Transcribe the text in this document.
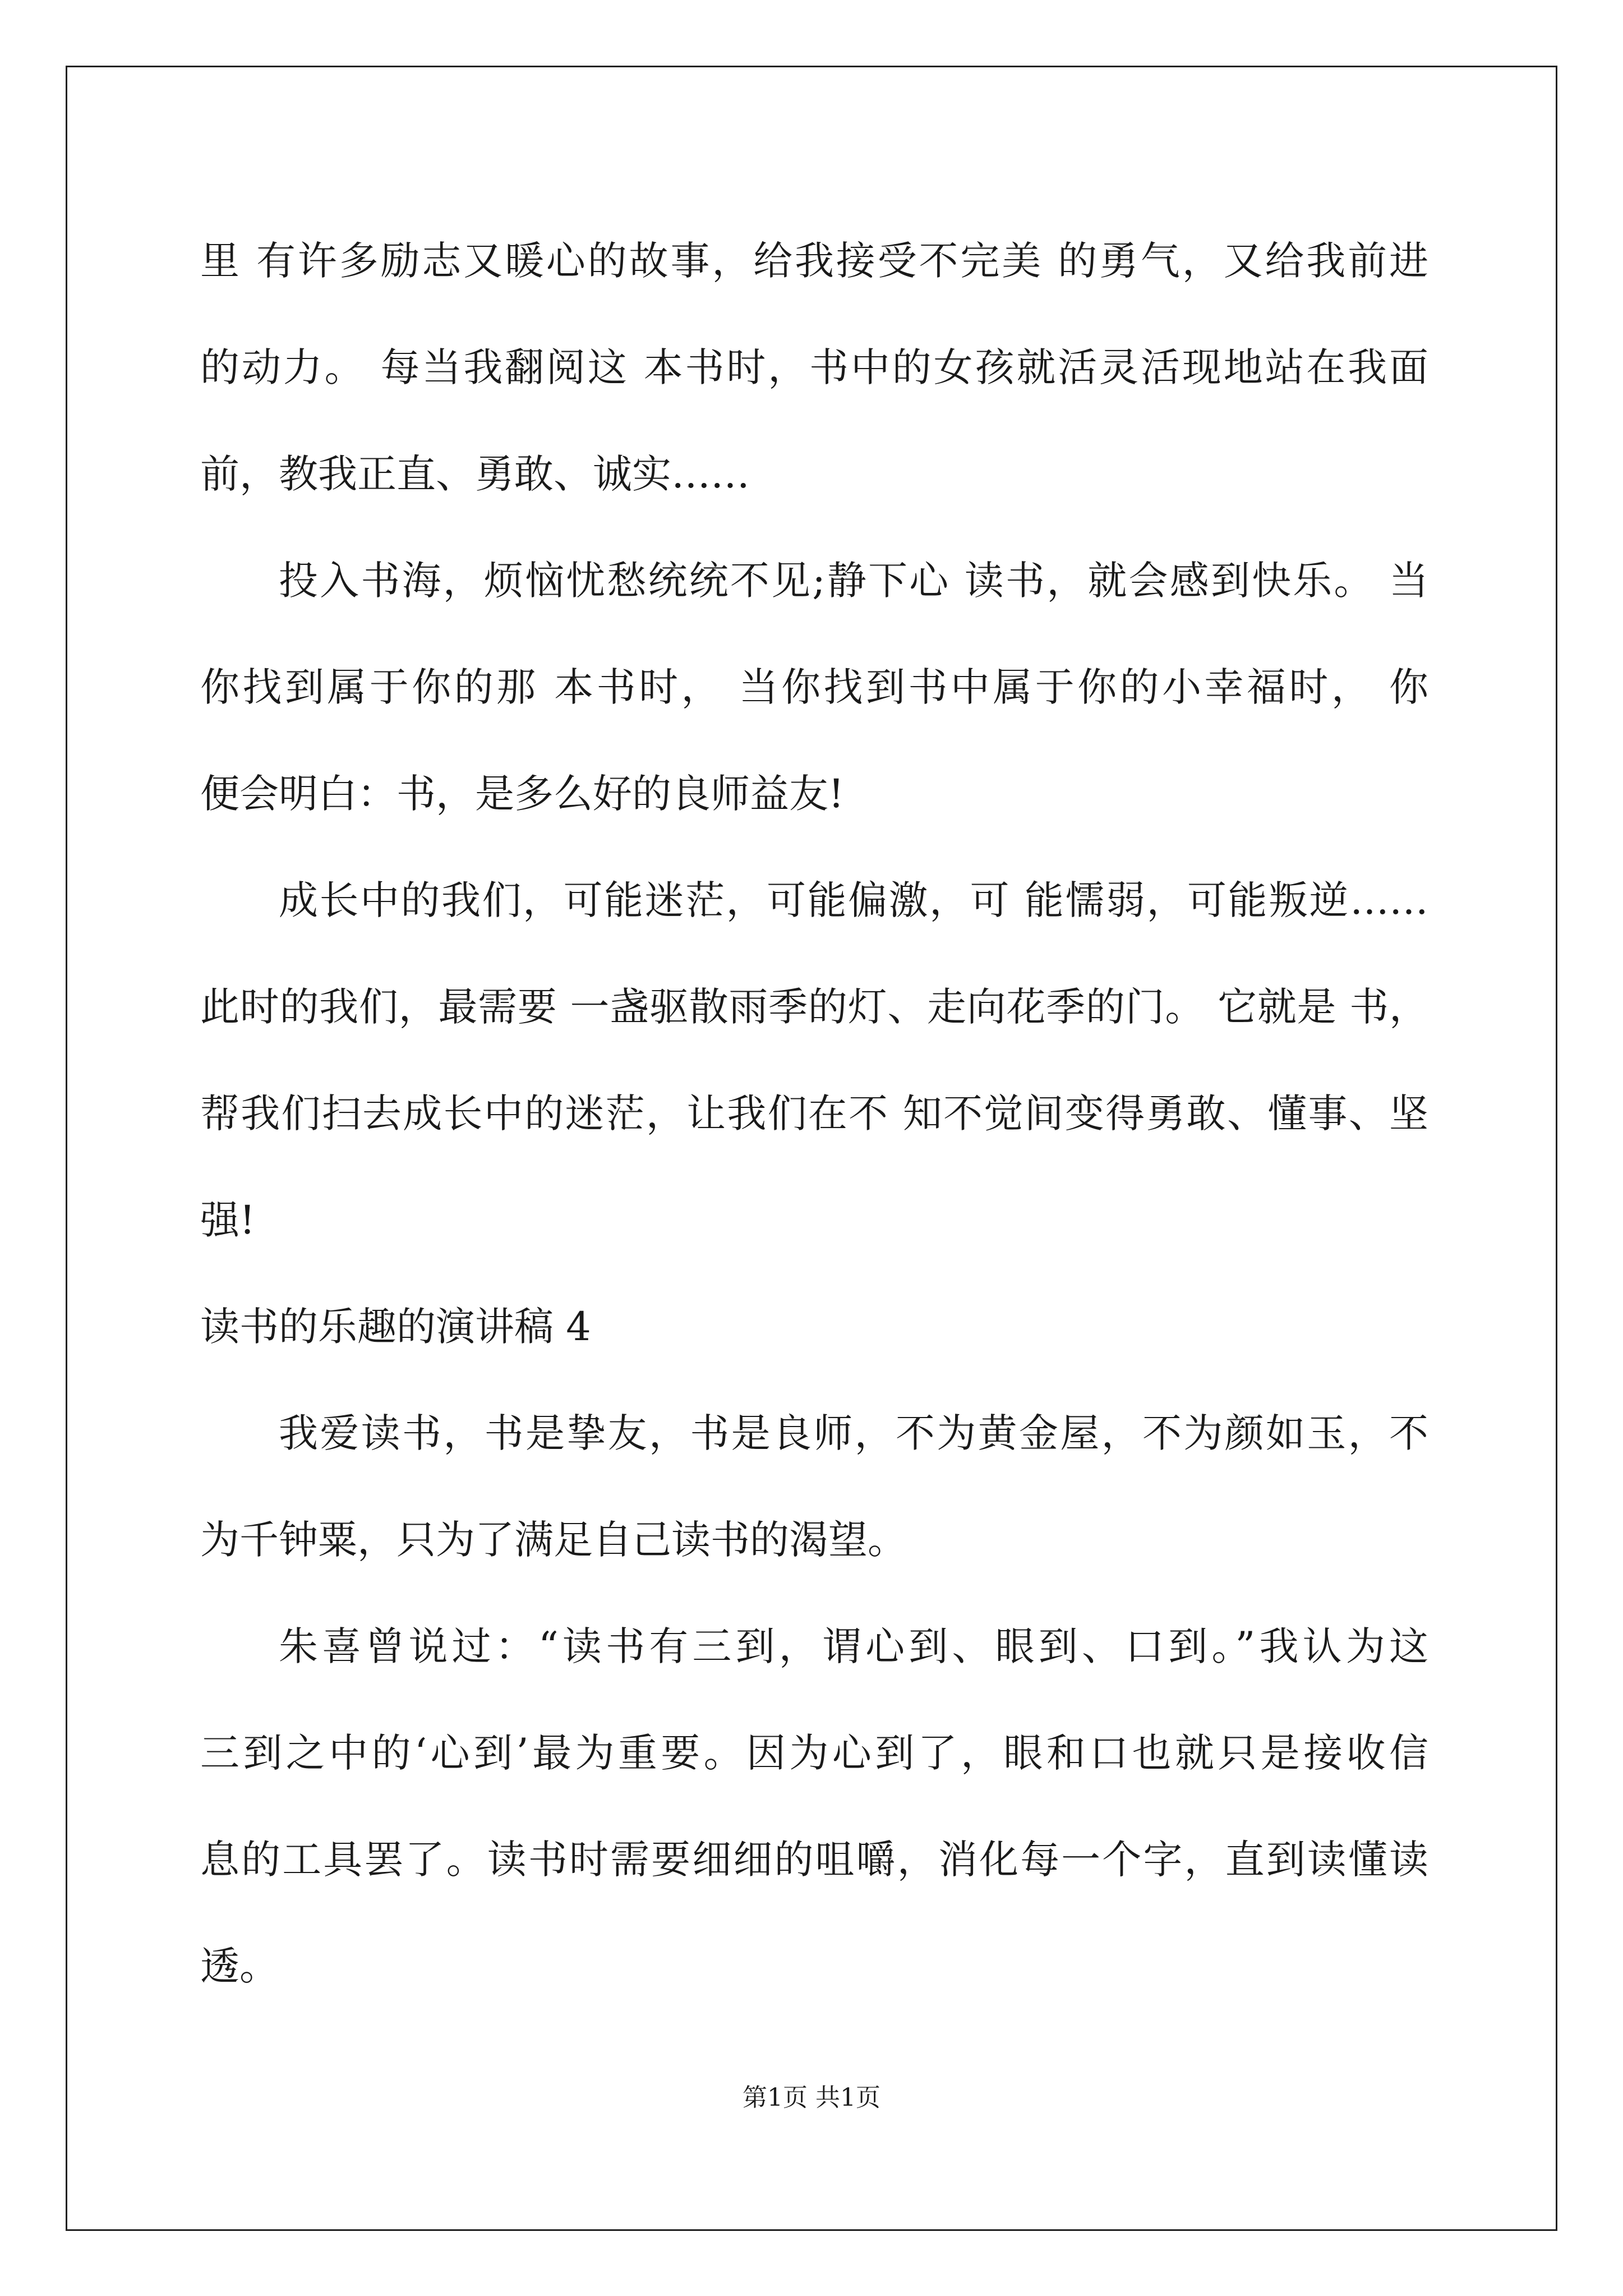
里 有许多励志又暖心的故事，给我接受不完美 的勇气，又给我前进
的动力。 每当我翻阅这 本书时，书中的女孩就活灵活现地站在我面
前，教我正直、勇敢、诚实……
投入书海，烦恼忧愁统统不见;静下心 读书，就会感到快乐。 当
你找到属于你的那 本书时， 当你找到书中属于你的小幸福时， 你
便会明白：书，是多么好的良师益友!
成长中的我们，可能迷茫，可能偏激，可 能懦弱，可能叛逆……
此时的我们，最需要 一盏驱散雨季的灯、走向花季的门。 它就是 书，
帮我们扫去成长中的迷茫，让我们在不 知不觉间变得勇敢、懂事、坚
强!
读书的乐趣的演讲稿 4
我爱读书，书是挚友，书是良师，不为黄金屋，不为颜如玉，不
为千钟粟，只为了满足自己读书的渴望。
朱喜曾说过：“读书有三到，谓心到、眼到、口到。”我认为这
三到之中的‘心到’最为重要。因为心到了，眼和口也就只是接收信
息的工具罢了。读书时需要细细的咀嚼，消化每一个字，直到读懂读
透。
第1页 共1页
